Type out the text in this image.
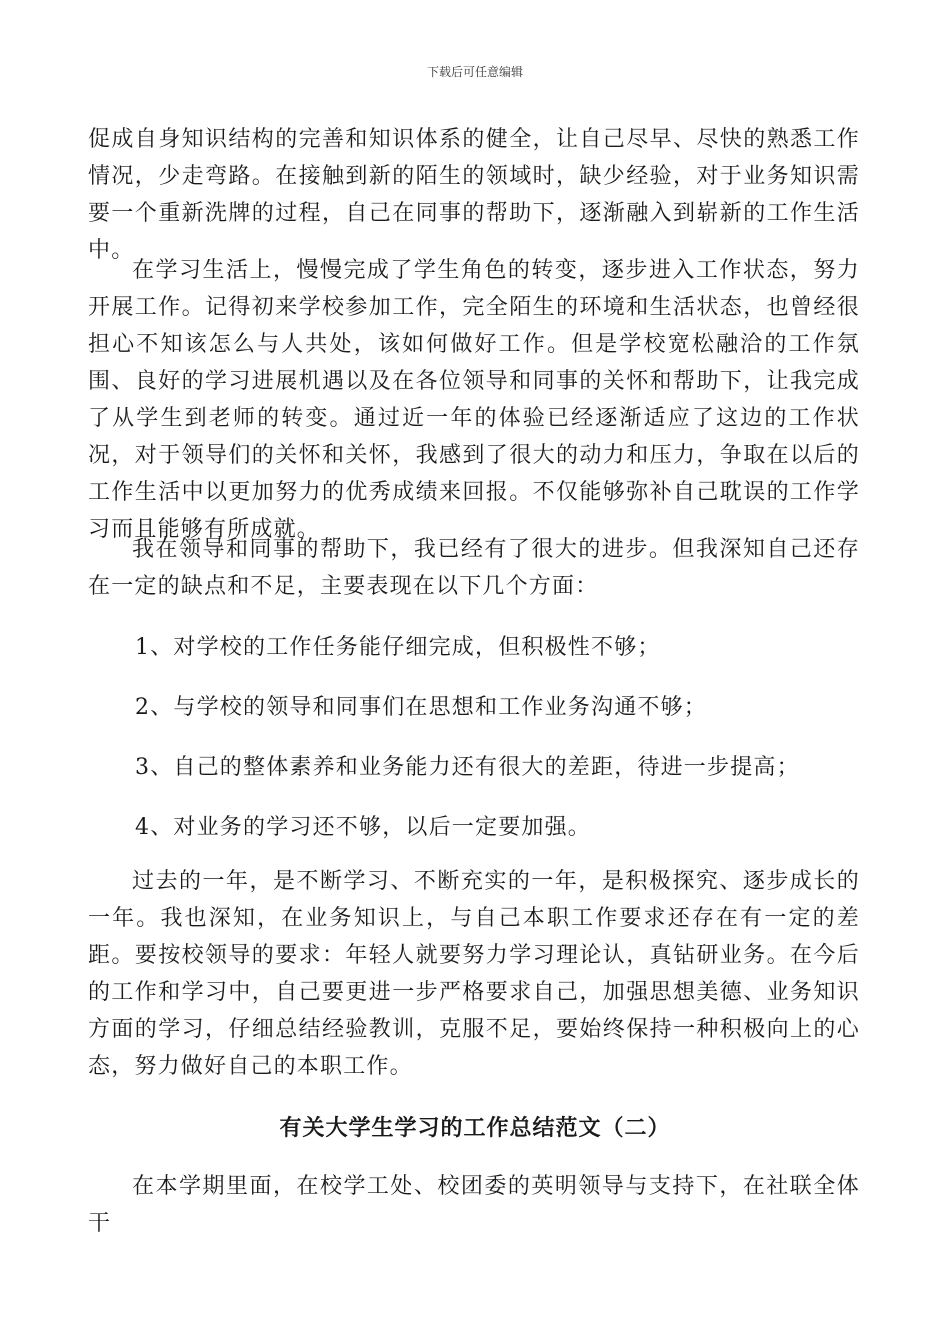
下载后可任意编辑

促成自身知识结构的完善和知识体系的健全，让自己尽早、尽快的熟悉工作情况，少走弯路。在接触到新的陌生的领域时，缺少经验，对于业务知识需要一个重新洗牌的过程，自己在同事的帮助下，逐渐融入到崭新的工作生活中。

在学习生活上，慢慢完成了学生角色的转变，逐步进入工作状态，努力开展工作。记得初来学校参加工作，完全陌生的环境和生活状态，也曾经很担心不知该怎么与人共处，该如何做好工作。但是学校宽松融洽的工作氛围、良好的学习进展机遇以及在各位领导和同事的关怀和帮助下，让我完成了从学生到老师的转变。通过近一年的体验已经逐渐适应了这边的工作状况，对于领导们的关怀和关怀，我感到了很大的动力和压力，争取在以后的工作生活中以更加努力的优秀成绩来回报。不仅能够弥补自己耽误的工作学习而且能够有所成就。

我在领导和同事的帮助下，我已经有了很大的进步。但我深知自己还存在一定的缺点和不足，主要表现在以下几个方面：

1、对学校的工作任务能仔细完成，但积极性不够；

2、与学校的领导和同事们在思想和工作业务沟通不够；

3、自己的整体素养和业务能力还有很大的差距，待进一步提高；

4、对业务的学习还不够，以后一定要加强。

过去的一年，是不断学习、不断充实的一年，是积极探究、逐步成长的一年。我也深知，在业务知识上，与自己本职工作要求还存在有一定的差距。要按校领导的要求：年轻人就要努力学习理论认，真钻研业务。在今后的工作和学习中，自己要更进一步严格要求自己，加强思想美德、业务知识方面的学习，仔细总结经验教训，克服不足，要始终保持一种积极向上的心态，努力做好自己的本职工作。

有关大学生学习的工作总结范文（二）

在本学期里面，在校学工处、校团委的英明领导与支持下，在社联全体干
